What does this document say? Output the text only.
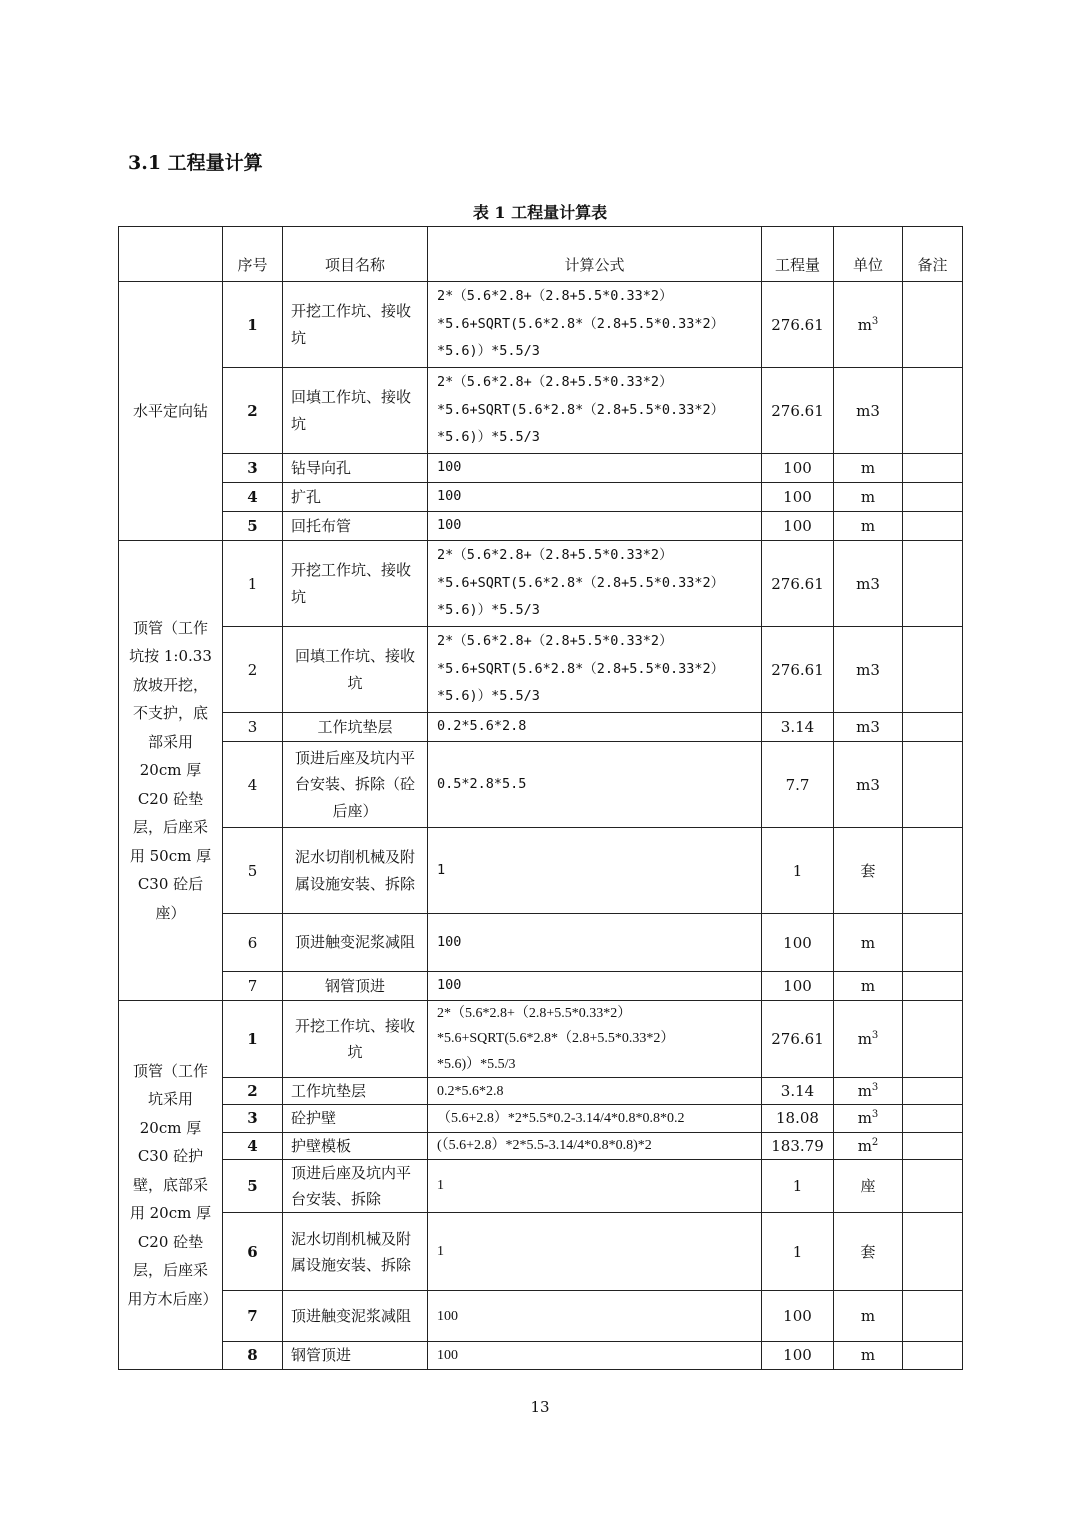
3.1 工程量计算
表 1 工程量计算表
	序号	项目名称	计算公式	工程量	单位	备注

水平定向钻	1	开挖工作坑、接收坑	2*（5.6*2.8+（2.8+5.5*0.33*2）
*5.6+SQRT(5.6*2.8*（2.8+5.5*0.33*2）
*5.6)）*5.5/3	276.61	$m^3$	
	2	回填工作坑、接收坑	2*（5.6*2.8+（2.8+5.5*0.33*2）
*5.6+SQRT(5.6*2.8*（2.8+5.5*0.33*2）
*5.6)）*5.5/3	276.61	m3	
	3	钻导向孔	100	100	m	
	4	扩孔	100	100	m	
	5	回托布管	100	100	m	

顶管（工作坑按 1:0.33 放坡开挖，不支护，底部采用 20cm 厚 C20 砼垫层，后座采用 50cm 厚 C30 砼后座）	1	开挖工作坑、接收坑	2*（5.6*2.8+（2.8+5.5*0.33*2）
*5.6+SQRT(5.6*2.8*（2.8+5.5*0.33*2）
*5.6)）*5.5/3	276.61	m3	
	2	回填工作坑、接收坑	2*（5.6*2.8+（2.8+5.5*0.33*2）
*5.6+SQRT(5.6*2.8*（2.8+5.5*0.33*2）
*5.6)）*5.5/3	276.61	m3	
	3	工作坑垫层	0.2*5.6*2.8	3.14	m3	
	4	顶进后座及坑内平台安装、拆除（砼后座）	0.5*2.8*5.5	7.7	m3	
	5	泥水切削机械及附属设施安装、拆除	1	1	套	
	6	顶进触变泥浆减阻	100	100	m	
	7	钢管顶进	100	100	m	

顶管（工作坑采用 20cm 厚 C30 砼护壁，底部采用 20cm 厚 C20 砼垫层，后座采用方木后座）	1	开挖工作坑、接收坑	2*（5.6*2.8+（2.8+5.5*0.33*2）
*5.6+SQRT(5.6*2.8*（2.8+5.5*0.33*2）
*5.6)）*5.5/3	276.61	$m^3$	
	2	工作坑垫层	0.2*5.6*2.8	3.14	$m^3$	
	3	砼护壁	（5.6+2.8）*2*5.5*0.2-3.14/4*0.8*0.8*0.2	18.08	$m^3$	
	4	护壁模板	(（5.6+2.8）*2*5.5-3.14/4*0.8*0.8)*2	183.79	$m^2$	
	5	顶进后座及坑内平台安装、拆除	1	1	座	
	6	泥水切削机械及附属设施安装、拆除	1	1	套	
	7	顶进触变泥浆减阻	100	100	m	
	8	钢管顶进	100	100	m	
13
